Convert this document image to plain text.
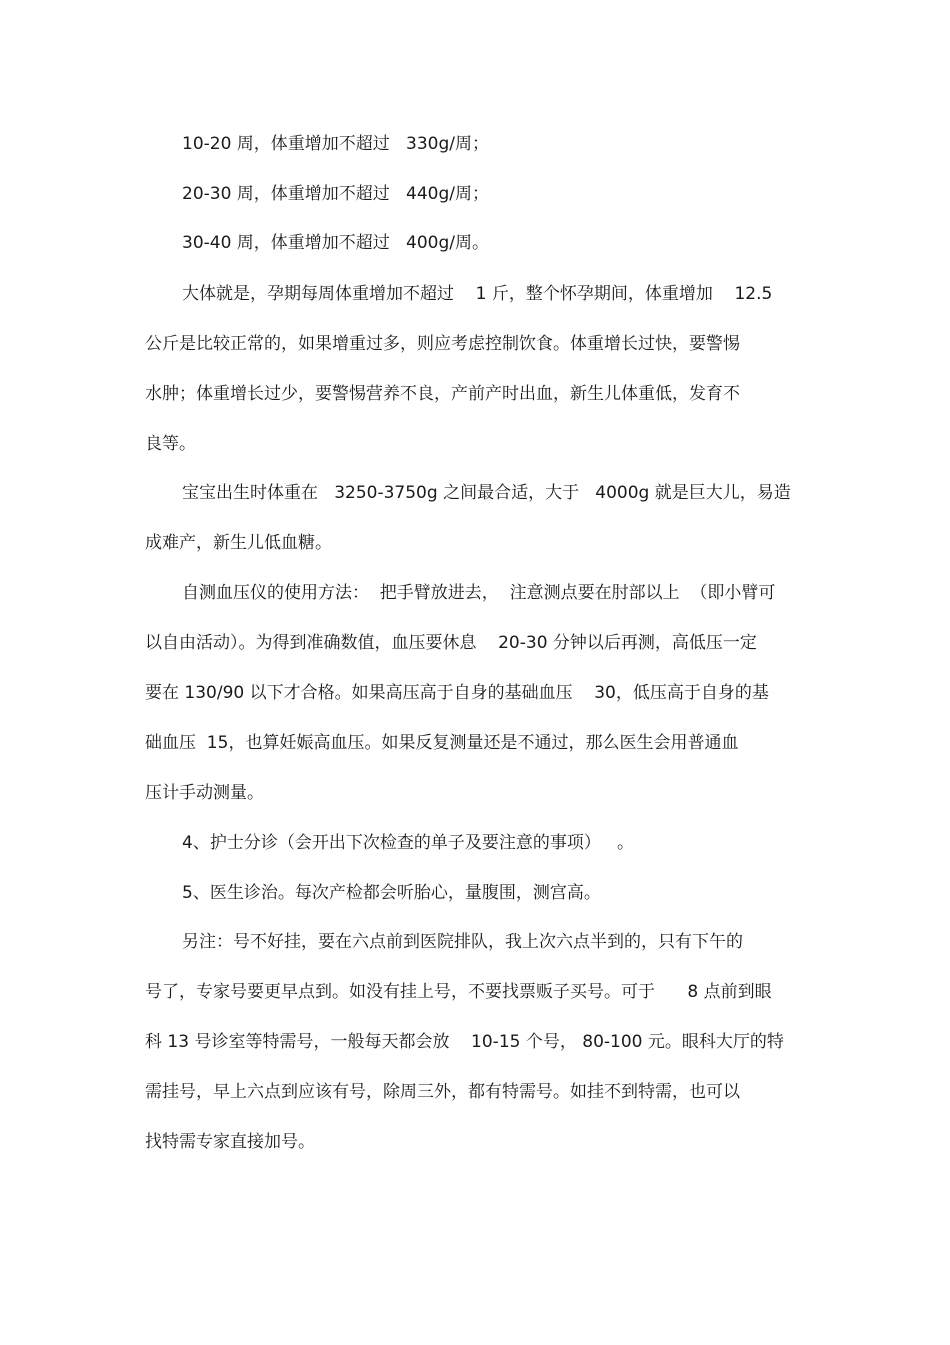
10-20 周，体重增加不超过   330g/周；
20-30 周，体重增加不超过   440g/周；
30-40 周，体重增加不超过   400g/周。
大体就是，孕期每周体重增加不超过    1 斤，整个怀孕期间，体重增加    12.5
公斤是比较正常的，如果增重过多，则应考虑控制饮食。体重增长过快，要警惕
水肿；体重增长过少，要警惕营养不良，产前产时出血，新生儿体重低，发育不
良等。
宝宝出生时体重在   3250-3750g 之间最合适，大于   4000g 就是巨大儿，易造
成难产，新生儿低血糖。
自测血压仪的使用方法：  把手臂放进去，  注意测点要在肘部以上  （即小臂可
以自由活动）。为得到准确数值，血压要休息    20-30 分钟以后再测，高低压一定
要在 130/90 以下才合格。如果高压高于自身的基础血压    30，低压高于自身的基
础血压  15，也算妊娠高血压。如果反复测量还是不通过，那么医生会用普通血
压计手动测量。
4、护士分诊（会开出下次检查的单子及要注意的事项）   。
5、医生诊治。每次产检都会听胎心，量腹围，测宫高。
另注：号不好挂，要在六点前到医院排队，我上次六点半到的，只有下午的
号了，专家号要更早点到。如没有挂上号，不要找票贩子买号。可于      8 点前到眼
科 13 号诊室等特需号，一般每天都会放    10-15 个号， 80-100 元。眼科大厅的特
需挂号，早上六点到应该有号，除周三外，都有特需号。如挂不到特需，也可以
找特需专家直接加号。
